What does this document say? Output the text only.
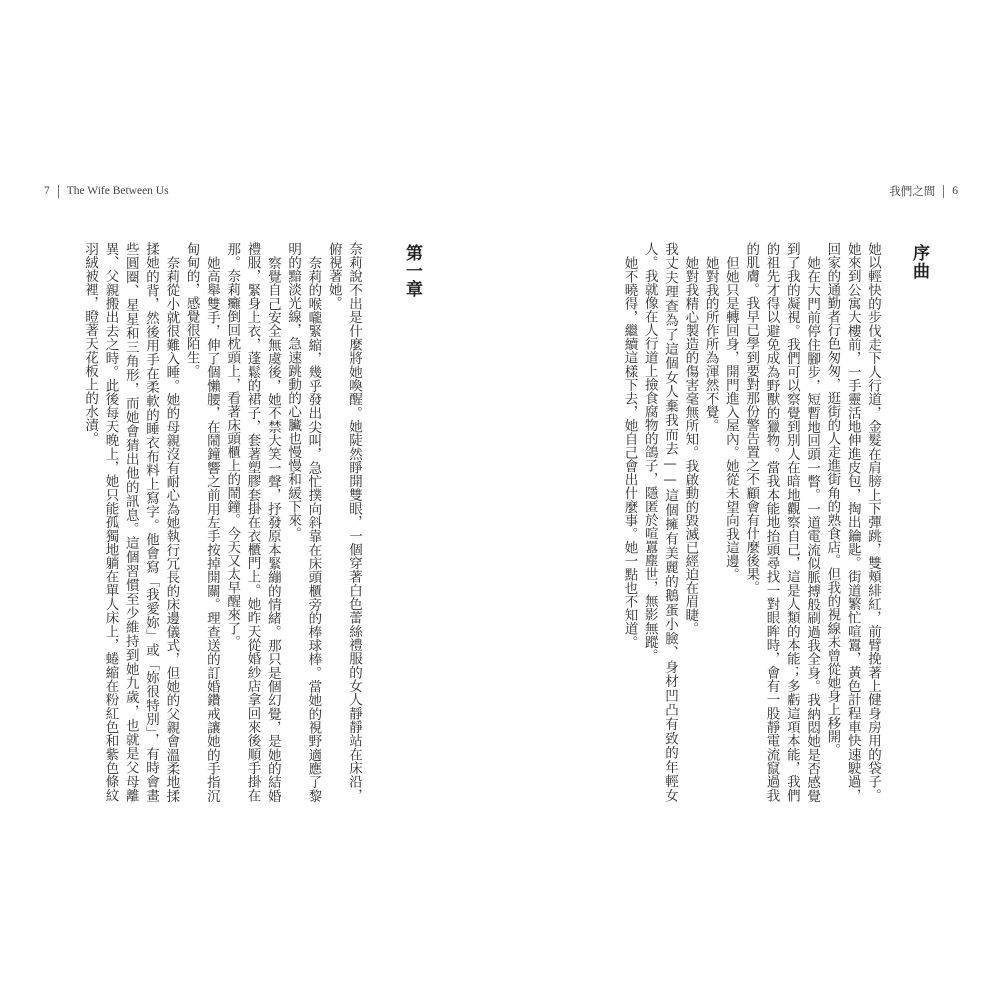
7 The Wife Between Us
第一章

奈莉說不出是什麼將她喚醒。她陡然睜開雙眼，一個穿著白色蕾絲禮服的女人靜靜站在床沿，俯視著她。

奈莉的喉嚨緊縮，幾乎發出尖叫，急忙撲向斜靠在床頭櫃旁的棒球棒。當她的視野適應了黎明的黯淡光線，急速跳動的心臟也慢慢和緩下來。

察覺自己安全無虞後，她不禁大笑一聲，抒發原本緊繃的情緒。那只是個幻覺，是她的結婚禮服，緊身上衣，蓬鬆的裙子，套著塑膠套掛在衣櫃門上。她昨天從婚紗店拿回來後順手掛在那。奈莉癱倒回枕頭上，看著床頭櫃上的鬧鐘。今天又太早醒來了。

她高舉雙手，伸了個懶腰，在鬧鐘響之前用左手按掉開關。理查送的訂婚鑽戒讓她的手指沉甸甸的，感覺很陌生。

奈莉從小就很難入睡。她的母親沒有耐心為她執行冗長的床邊儀式，但她的父親會溫柔地揉揉她的背，然後用手在柔軟的睡衣布料上寫字。他會寫「我愛妳」或「妳很特別」，有時會畫些圓圈、星星和三角形，而她會猜出他的訊息。這個習慣至少維持到她九歲，也就是父母離異、父親搬出去之時。此後每天晚上，她只能孤獨地躺在單人床上，蜷縮在粉紅色和紫色條紋羽絨被裡，瞪著天花板上的水漬。

我們之間 6
序曲

她以輕快的步伐走下人行道，金髮在肩膀上下彈跳，雙頰緋紅，前臂挽著上健身房用的袋子。她來到公寓大樓前，一手靈活地伸進皮包，掏出鑰匙。街道繁忙喧囂，黃色計程車快速駛過，回家的通勤者行色匆匆，逛街的人走進街角的熟食店。但我的視線未曾從她身上移開。

她在大門前停住腳步，短暫地回頭一瞥。一道電流似脈搏般刷過我全身。我納悶她是否感覺到了我的凝視。我們可以察覺到別人在暗地觀察自己，這是人類的本能；多虧這項本能，我們的祖先才得以避免成為野獸的獵物。當我本能地抬頭尋找一對眼眸時，會有一股靜電流竄過我的肌膚。我早已學到要對那份警告置之不顧會有什麼後果。

但她只是轉回身，開門進入屋內。她從未望向我這邊。

她對我的所作所為渾然不覺。

她對我精心製造的傷害毫無所知。我啟動的毀滅已經迫在眉睫。

我丈夫理查為了這個女人棄我而去——這個擁有美麗的鵝蛋小臉、身材凹凸有致的年輕女人。我就像在人行道上撿食腐物的鴿子，隱匿於喧囂塵世，無影無蹤。

她不曉得，繼續這樣下去，她自己會出什麼事。她一點也不知道。
